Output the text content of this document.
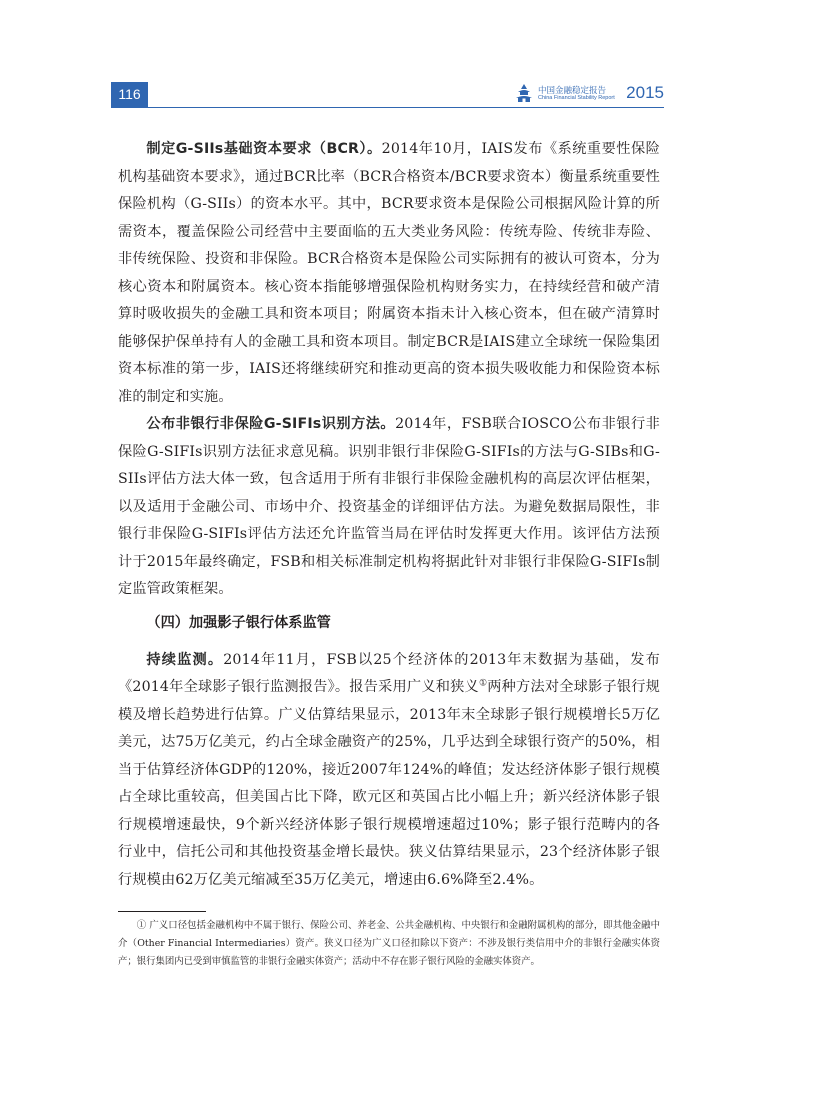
116	中国金融稳定报告
China Financial Stability Report 2015

制定G-SIIs基础资本要求（BCR）。2014年10月，IAIS发布《系统重要性保险机构基础资本要求》，通过BCR比率（BCR合格资本/BCR要求资本）衡量系统重要性保险机构（G-SIIs）的资本水平。其中，BCR要求资本是保险公司根据风险计算的所需资本，覆盖保险公司经营中主要面临的五大类业务风险：传统寿险、传统非寿险、非传统保险、投资和非保险。BCR合格资本是保险公司实际拥有的被认可资本，分为核心资本和附属资本。核心资本指能够增强保险机构财务实力，在持续经营和破产清算时吸收损失的金融工具和资本项目；附属资本指未计入核心资本，但在破产清算时能够保护保单持有人的金融工具和资本项目。制定BCR是IAIS建立全球统一保险集团资本标准的第一步，IAIS还将继续研究和推动更高的资本损失吸收能力和保险资本标准的制定和实施。

公布非银行非保险G-SIFIs识别方法。2014年，FSB联合IOSCO公布非银行非保险G-SIFIs识别方法征求意见稿。识别非银行非保险G-SIFIs的方法与G-SIBs和G-SIIs评估方法大体一致，包含适用于所有非银行非保险金融机构的高层次评估框架，以及适用于金融公司、市场中介、投资基金的详细评估方法。为避免数据局限性，非银行非保险G-SIFIs评估方法还允许监管当局在评估时发挥更大作用。该评估方法预计于2015年最终确定，FSB和相关标准制定机构将据此针对非银行非保险G-SIFIs制定监管政策框架。

（四）加强影子银行体系监管

持续监测。2014年11月，FSB以25个经济体的2013年末数据为基础，发布《2014年全球影子银行监测报告》。报告采用广义和狭义①两种方法对全球影子银行规模及增长趋势进行估算。广义估算结果显示，2013年末全球影子银行规模增长5万亿美元，达75万亿美元，约占全球金融资产的25%，几乎达到全球银行资产的50%，相当于估算经济体GDP的120%，接近2007年124%的峰值；发达经济体影子银行规模占全球比重较高，但美国占比下降，欧元区和英国占比小幅上升；新兴经济体影子银行规模增速最快，9个新兴经济体影子银行规模增速超过10%；影子银行范畴内的各行业中，信托公司和其他投资基金增长最快。狭义估算结果显示，23个经济体影子银行规模由62万亿美元缩减至35万亿美元，增速由6.6%降至2.4%。

① 广义口径包括金融机构中不属于银行、保险公司、养老金、公共金融机构、中央银行和金融附属机构的部分，即其他金融中介（Other Financial Intermediaries）资产。狭义口径为广义口径扣除以下资产：不涉及银行类信用中介的非银行金融实体资产；银行集团内已受到审慎监管的非银行金融实体资产；活动中不存在影子银行风险的金融实体资产。
